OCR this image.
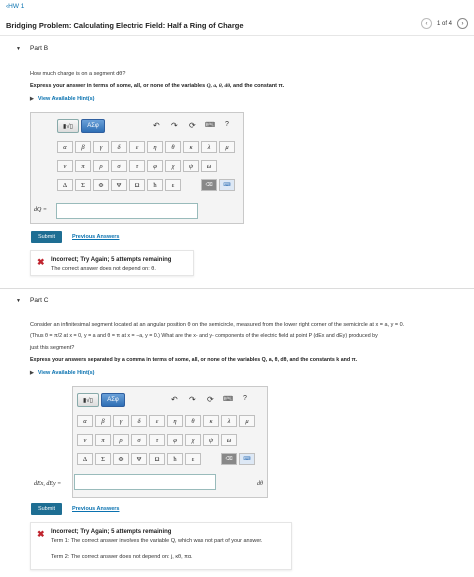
‹HW 1
Bridging Problem: Calculating Electric Field: Half a Ring of Charge	‹	1 of 4	›
▼ Part B
How much charge is on a segment dθ?
Express your answer in terms of some, all, or none of the variables Q, a, θ, dθ, and the constant π.
▶ View Available Hint(s)
▮√▯	ΑΣφ	↶ ↷ ⟳ ⌨ ?
α	β	γ	δ	ε	η	θ	κ	λ	μ
ν	π	ρ	σ	τ	φ	χ	ψ	ω
Δ	Σ	Φ	Ψ	Ω	ħ	ε	⌫	⌨
dQ =
Submit	Previous Answers
✖ Incorrect; Try Again; 5 attempts remaining
The correct answer does not depend on: θ.
▼ Part C
Consider an infinitesimal segment located at an angular position θ on the semicircle, measured from the lower right corner of the semicircle at x = a, y = 0.
(Thus θ = π/2 at x = 0, y = a and θ = π at x = −a, y = 0.) What are the x- and y- components of the electric field at point P (dEx and dEy) produced by
just this segment?
Express your answers separated by a comma in terms of some, all, or none of the variables Q, a, θ, dθ, and the constants k and π.
▶ View Available Hint(s)
▮√▯	ΑΣφ	↶ ↷ ⟳ ⌨ ?
α	β	γ	δ	ε	η	θ	κ	λ	μ
ν	π	ρ	σ	τ	φ	χ	ψ	ω
Δ	Σ	Φ	Ψ	Ω	ħ	ε	⌫	⌨
dEx, dEy =	dθ
Submit	Previous Answers
✖ Incorrect; Try Again; 5 attempts remaining
Term 1: The correct answer involves the variable Q, which was not part of your answer.
Term 2: The correct answer does not depend on: j, κθ, πα.
